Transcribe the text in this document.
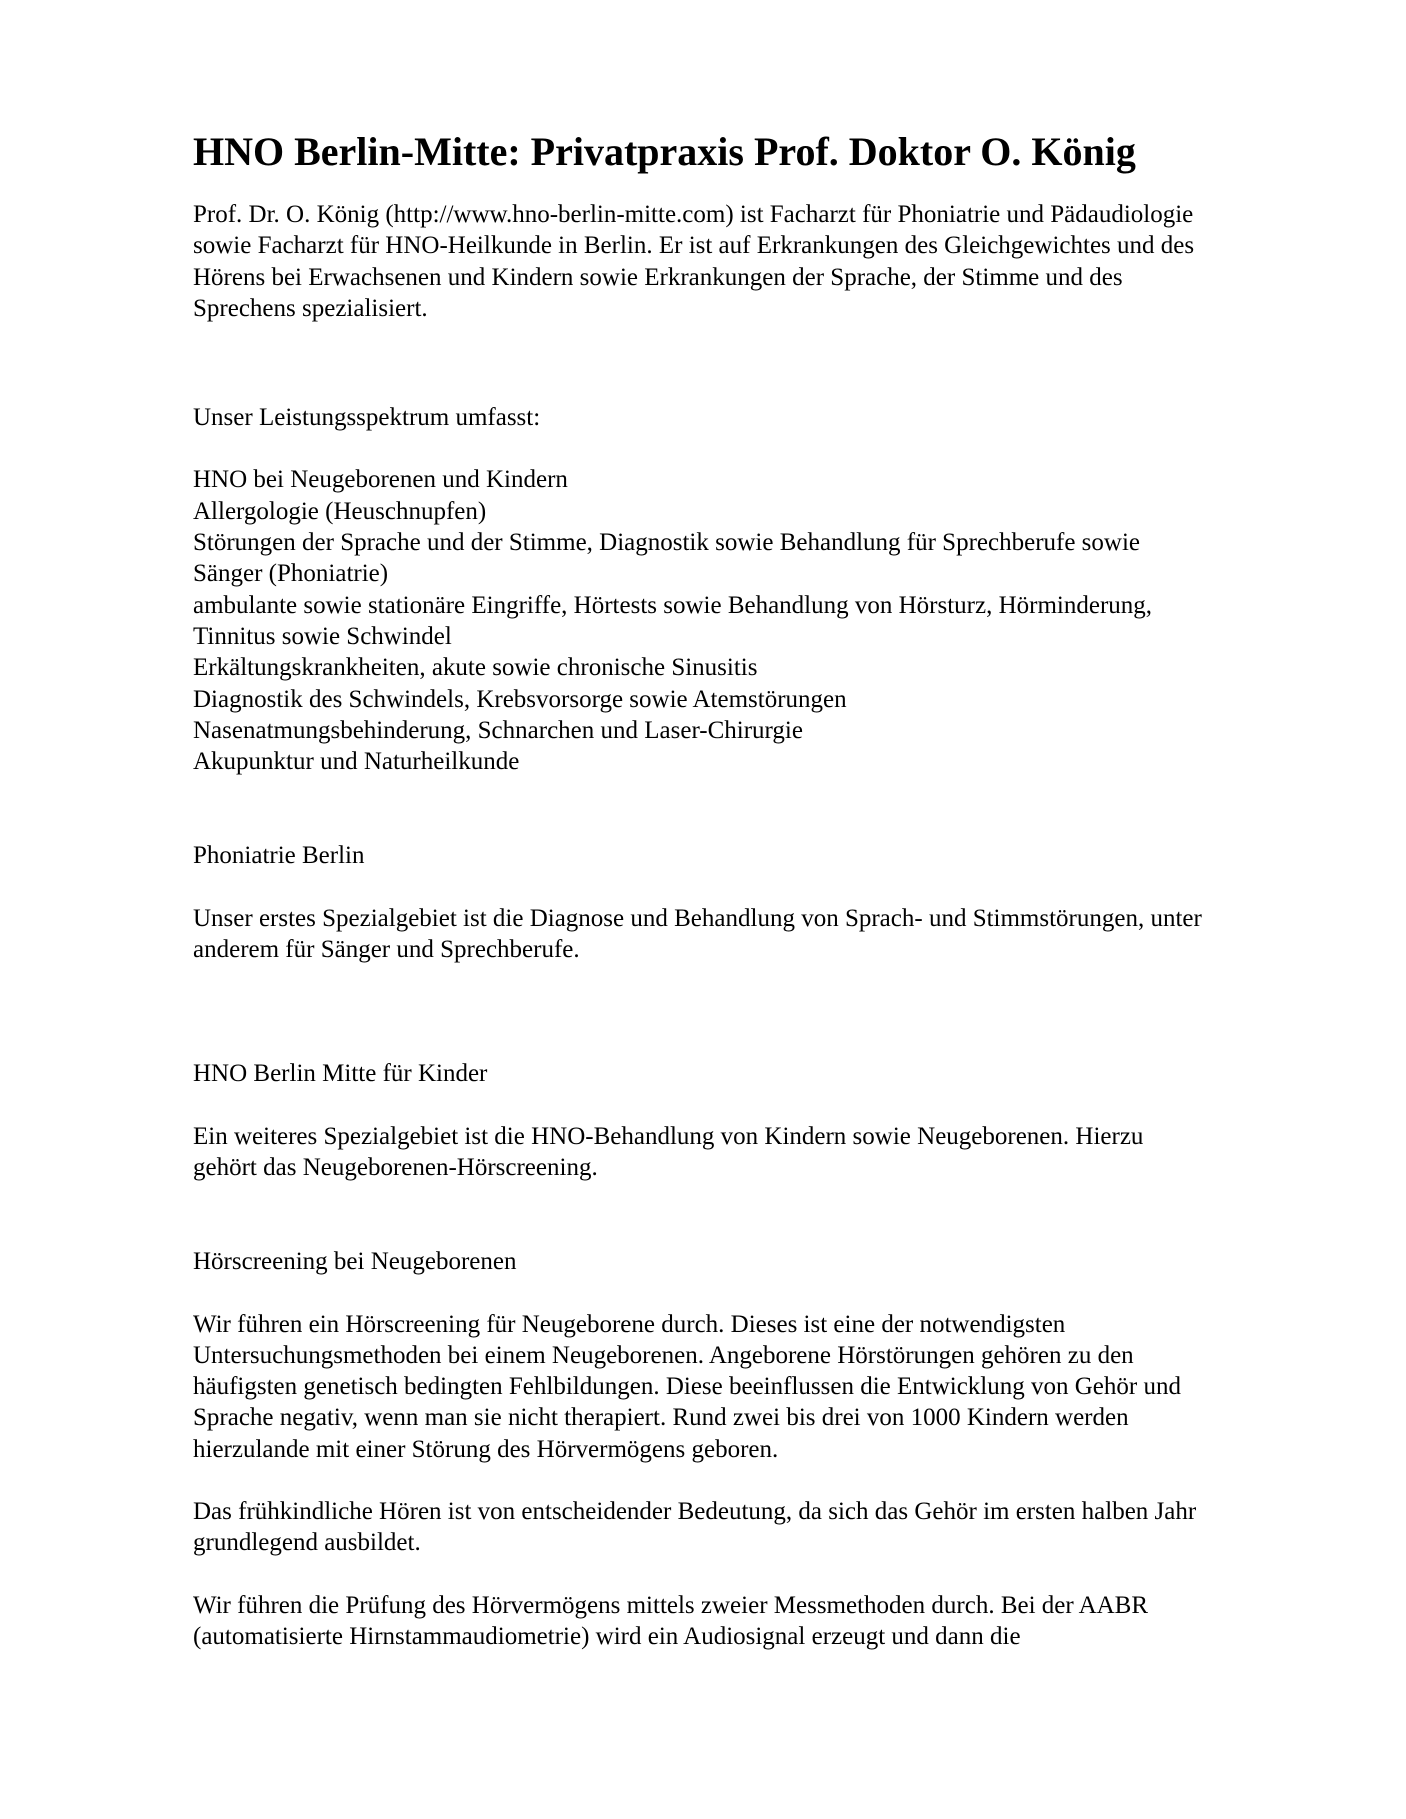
HNO Berlin-Mitte: Privatpraxis Prof. Doktor O. König

Prof. Dr. O. König (http://www.hno-berlin-mitte.com) ist Facharzt für Phoniatrie und Pädaudiologie

sowie Facharzt für HNO-Heilkunde in Berlin. Er ist auf Erkrankungen des Gleichgewichtes und des

Hörens bei Erwachsenen und Kindern sowie Erkrankungen der Sprache, der Stimme und des

Sprechens spezialisiert.

Unser Leistungsspektrum umfasst:

HNO bei Neugeborenen und Kindern

Allergologie (Heuschnupfen)

Störungen der Sprache und der Stimme, Diagnostik sowie Behandlung für Sprechberufe sowie

Sänger (Phoniatrie)

ambulante sowie stationäre Eingriffe, Hörtests sowie Behandlung von Hörsturz, Hörminderung,

Tinnitus sowie Schwindel

Erkältungskrankheiten, akute sowie chronische Sinusitis

Diagnostik des Schwindels, Krebsvorsorge sowie Atemstörungen

Nasenatmungsbehinderung, Schnarchen und Laser-Chirurgie

Akupunktur und Naturheilkunde

Phoniatrie Berlin

Unser erstes Spezialgebiet ist die Diagnose und Behandlung von Sprach- und Stimmstörungen, unter

anderem für Sänger und Sprechberufe.

HNO Berlin Mitte für Kinder

Ein weiteres Spezialgebiet ist die HNO-Behandlung von Kindern sowie Neugeborenen. Hierzu

gehört das Neugeborenen-Hörscreening.

Hörscreening bei Neugeborenen

Wir führen ein Hörscreening für Neugeborene durch. Dieses ist eine der notwendigsten

Untersuchungsmethoden bei einem Neugeborenen. Angeborene Hörstörungen gehören zu den

häufigsten genetisch bedingten Fehlbildungen. Diese beeinflussen die Entwicklung von Gehör und

Sprache negativ, wenn man sie nicht therapiert. Rund zwei bis drei von 1000 Kindern werden

hierzulande mit einer Störung des Hörvermögens geboren.

Das frühkindliche Hören ist von entscheidender Bedeutung, da sich das Gehör im ersten halben Jahr

grundlegend ausbildet.

Wir führen die Prüfung des Hörvermögens mittels zweier Messmethoden durch. Bei der AABR

(automatisierte Hirnstammaudiometrie) wird ein Audiosignal erzeugt und dann die
